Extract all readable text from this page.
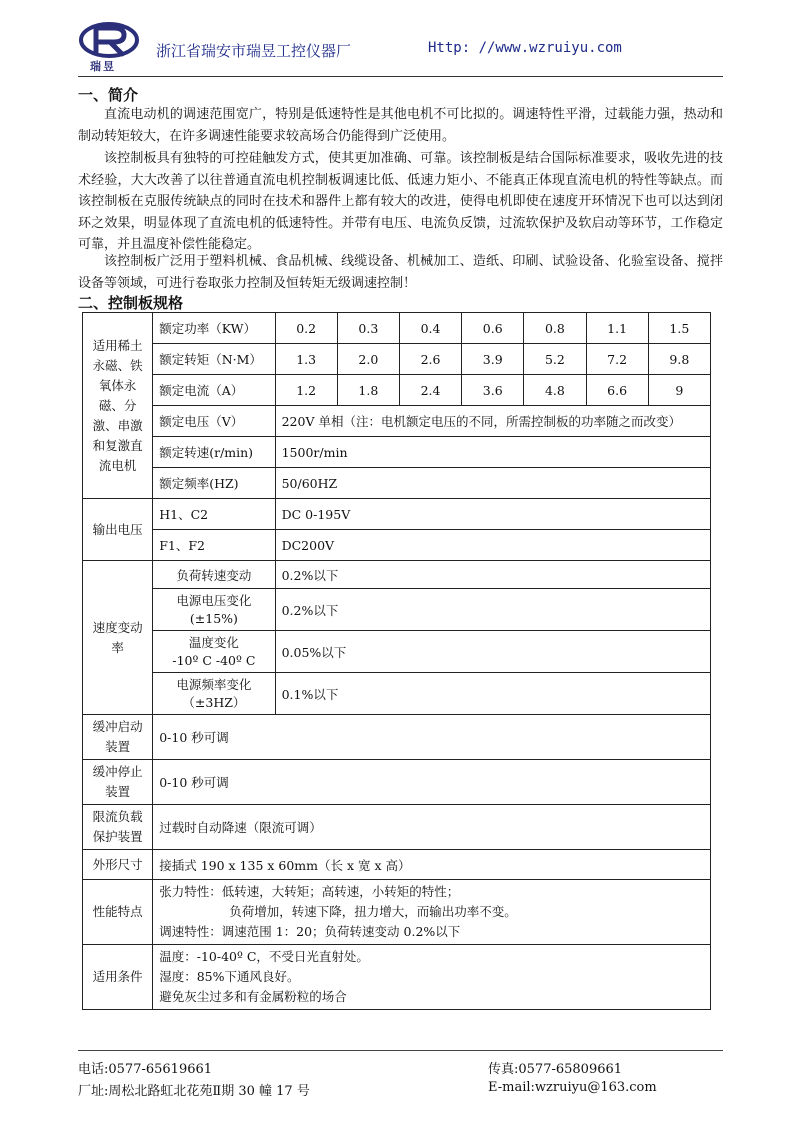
瑞昱
浙江省瑞安市瑞昱工控仪器厂	Http: //www.wzruiyu.com
一、简介
直流电动机的调速范围宽广，特别是低速特性是其他电机不可比拟的。调速特性平滑，过载能力强，热动和制动转矩较大，在许多调速性能要求较高场合仍能得到广泛使用。
该控制板具有独特的可控硅触发方式，使其更加准确、可靠。该控制板是结合国际标准要求，吸收先进的技术经验，大大改善了以往普通直流电机控制板调速比低、低速力矩小、不能真正体现直流电机的特性等缺点。而该控制板在克服传统缺点的同时在技术和器件上都有较大的改进，使得电机即使在速度开环情况下也可以达到闭环之效果，明显体现了直流电机的低速特性。并带有电压、电流负反馈，过流软保护及软启动等环节，工作稳定可靠，并且温度补偿性能稳定。
该控制板广泛用于塑料机械、食品机械、线缆设备、机械加工、造纸、印刷、试验设备、化验室设备、搅拌设备等领域，可进行卷取张力控制及恒转矩无级调速控制！
二、控制板规格
适用稀土永磁、铁氧体永磁、分激、串激和复激直流电机	额定功率（KW）	0.2	0.3	0.4	0.6	0.8	1.1	1.5
	额定转矩（N·M）	1.3	2.0	2.6	3.9	5.2	7.2	9.8
	额定电流（A）	1.2	1.8	2.4	3.6	4.8	6.6	9
	额定电压（V）	220V 单相（注：电机额定电压的不同，所需控制板的功率随之而改变）						
	额定转速(r/min)	1500r/min						
	额定频率(HZ)	50/60HZ						
输出电压	H1、C2	DC 0-195V						
	F1、F2	DC200V						
速度变动率	负荷转速变动	0.2%以下						

	电源电压变化
(±15%)	0.2%以下						

	温度变化
-10º C -40º C	0.05%以下						

	电源频率变化
（±3HZ）	0.1%以下						
缓冲启动装置	0-10 秒可调							
缓冲停止装置	0-10 秒可调							
限流负载保护装置	过载时自动降速（限流可调）							
外形尺寸	接插式 190 x 135 x 60mm（长 x 宽 x 高）							
性能特点	张力特性：低转速，大转矩；高转速，小转矩的特性；
负荷增加，转速下降，扭力增大，而输出功率不变。
调速特性：调速范围 1：20；负荷转速变动 0.2%以下							

适用条件	温度：-10-40º C，不受日光直射处。
湿度：85%下通风良好。
避免灰尘过多和有金属粉粒的场合							
电话:0577-65619661	传真:0577-65809661
厂址:周松北路虹北花苑Ⅱ期 30 幢 17 号	E-mail:wzruiyu@163.com
